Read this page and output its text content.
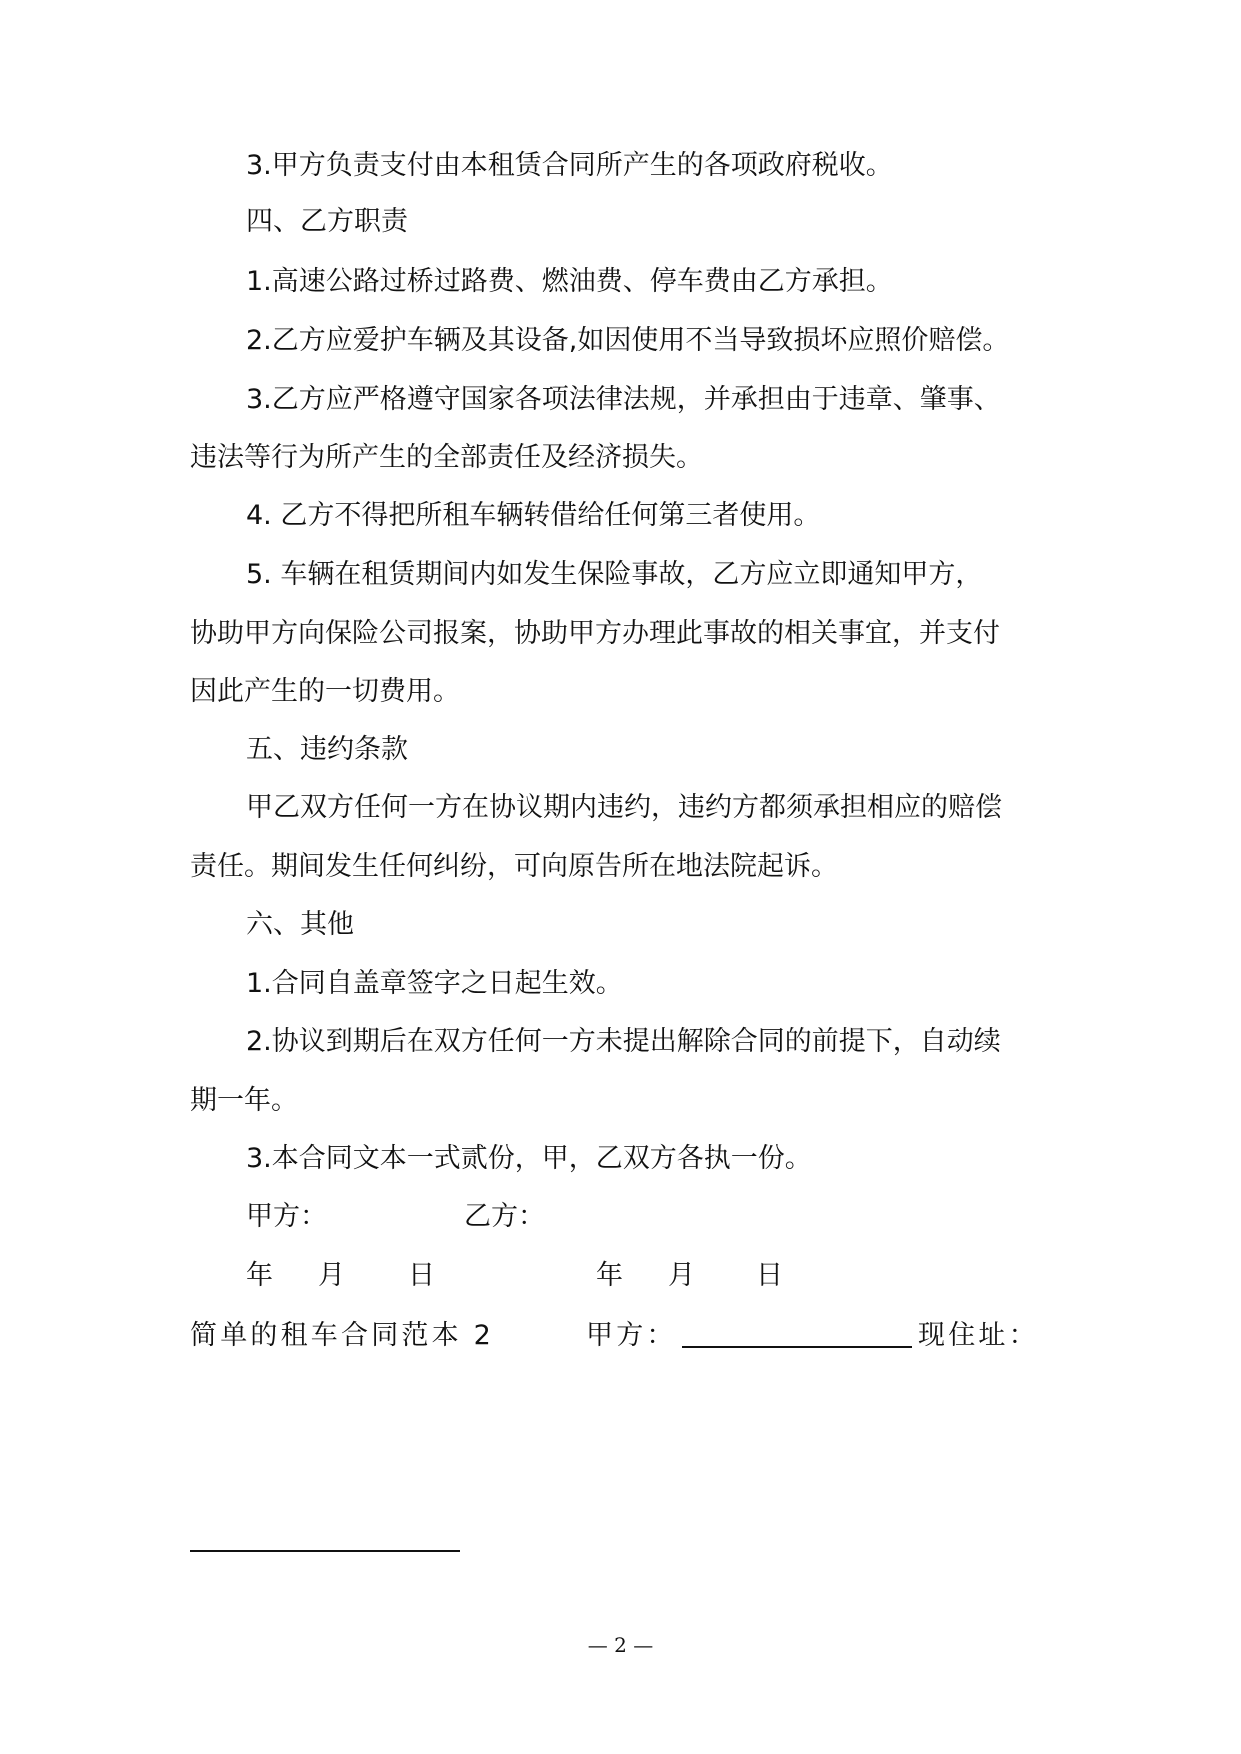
3.甲方负责支付由本租赁合同所产生的各项政府税收。
四、乙方职责
1.高速公路过桥过路费、燃油费、停车费由乙方承担。
2.乙方应爱护车辆及其设备,如因使用不当导致损坏应照价赔偿。
3.乙方应严格遵守国家各项法律法规，并承担由于违章、肇事、
违法等行为所产生的全部责任及经济损失。
4. 乙方不得把所租车辆转借给任何第三者使用。
5. 车辆在租赁期间内如发生保险事故，乙方应立即通知甲方，
协助甲方向保险公司报案，协助甲方办理此事故的相关事宜，并支付
因此产生的一切费用。
五、违约条款
甲乙双方任何一方在协议期内违约，违约方都须承担相应的赔偿
责任。期间发生任何纠纷，可向原告所在地法院起诉。
六、其他
1.合同自盖章签字之日起生效。
2.协议到期后在双方任何一方未提出解除合同的前提下，自动续
期一年。
3.本合同文本一式贰份，甲，乙双方各执一份。
甲方：	乙方：
年 月 日	年 月 日
简单的租车合同范本 2	甲方：	现住址：
— 2 —
